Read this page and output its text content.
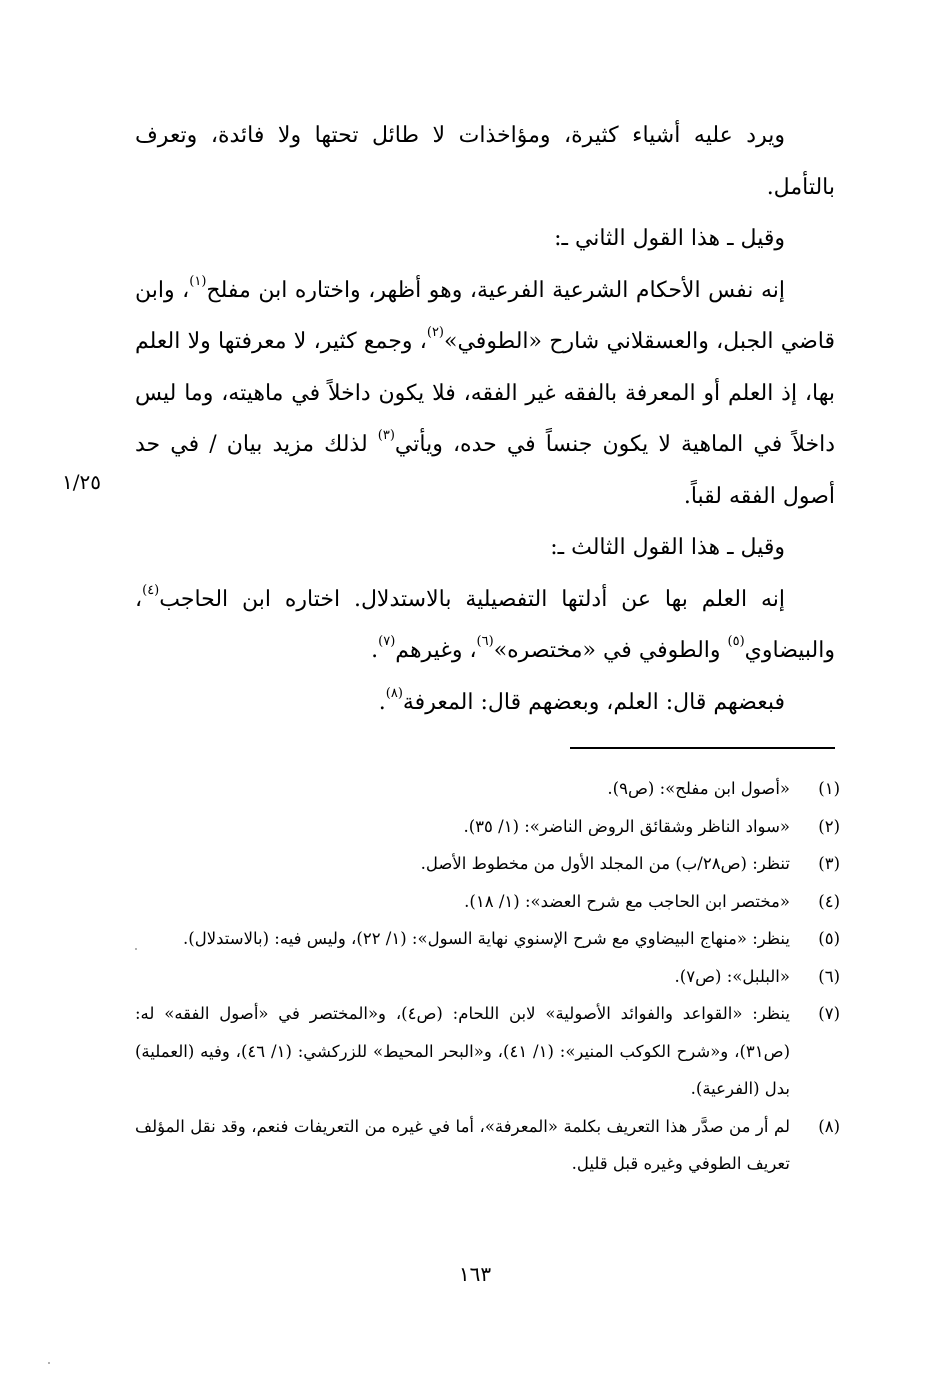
ويرد عليه أشياء كثيرة، ومؤاخذات لا طائل تحتها ولا فائدة، وتعرف بالتأمل.

وقيل ـ هذا القول الثاني ـ:

إنه نفس الأحكام الشرعية الفرعية، وهو أظهر، واختاره ابن مفلح$^{(١)}$، وابن قاضي الجبل، والعسقلاني شارح «الطوفي»$^{(٢)}$، وجمع كثير، لا معرفتها ولا العلم بها، إذ العلم أو المعرفة بالفقه غير الفقه، فلا يكون داخلاً في ماهيته، وما ليس داخلاً في الماهية لا يكون جنساً في حده، ويأتي$^{(٣)}$ لذلك مزيد بيان / في حد أصول الفقه لقباً.

وقيل ـ هذا القول الثالث ـ:

إنه العلم بها عن أدلتها التفصيلية بالاستدلال. اختاره ابن الحاجب$^{(٤)}$، والبيضاوي$^{(٥)}$ والطوفي في «مختصره»$^{(٦)}$، وغيرهم$^{(٧)}$.

فبعضهم قال: العلم، وبعضهم قال: المعرفة$^{(٨)}$.

١/٢٥
(١)
«أصول ابن مفلح»: (ص٩).
(٢)
«سواد الناظر وشقائق الروض الناضر»: (١/ ٣٥).
(٣)
تنظر: (ص٢٨/ب) من المجلد الأول من مخطوط الأصل.
(٤)
«مختصر ابن الحاجب مع شرح العضد»: (١/ ١٨).
(٥)
ينظر: «منهاج البيضاوي مع شرح الإسنوي نهاية السول»: (١/ ٢٢)، وليس فيه: (بالاستدلال).
(٦)
«البلبل»: (ص٧).
(٧)
ينظر: «القواعد والفوائد الأصولية» لابن اللحام: (ص٤)، و«المختصر في «أصول الفقه» له: (ص٣١)، و«شرح الكوكب المنير»: (١/ ٤١)، و«البحر المحيط» للزركشي: (١/ ٤٦)، وفيه (العملية) بدل (الفرعية).
(٨)
لم أر من صدَّر هذا التعريف بكلمة «المعرفة»، أما في غيره من التعريفات فنعم، وقد نقل المؤلف تعريف الطوفي وغيره قبل قليل.
١٦٣
